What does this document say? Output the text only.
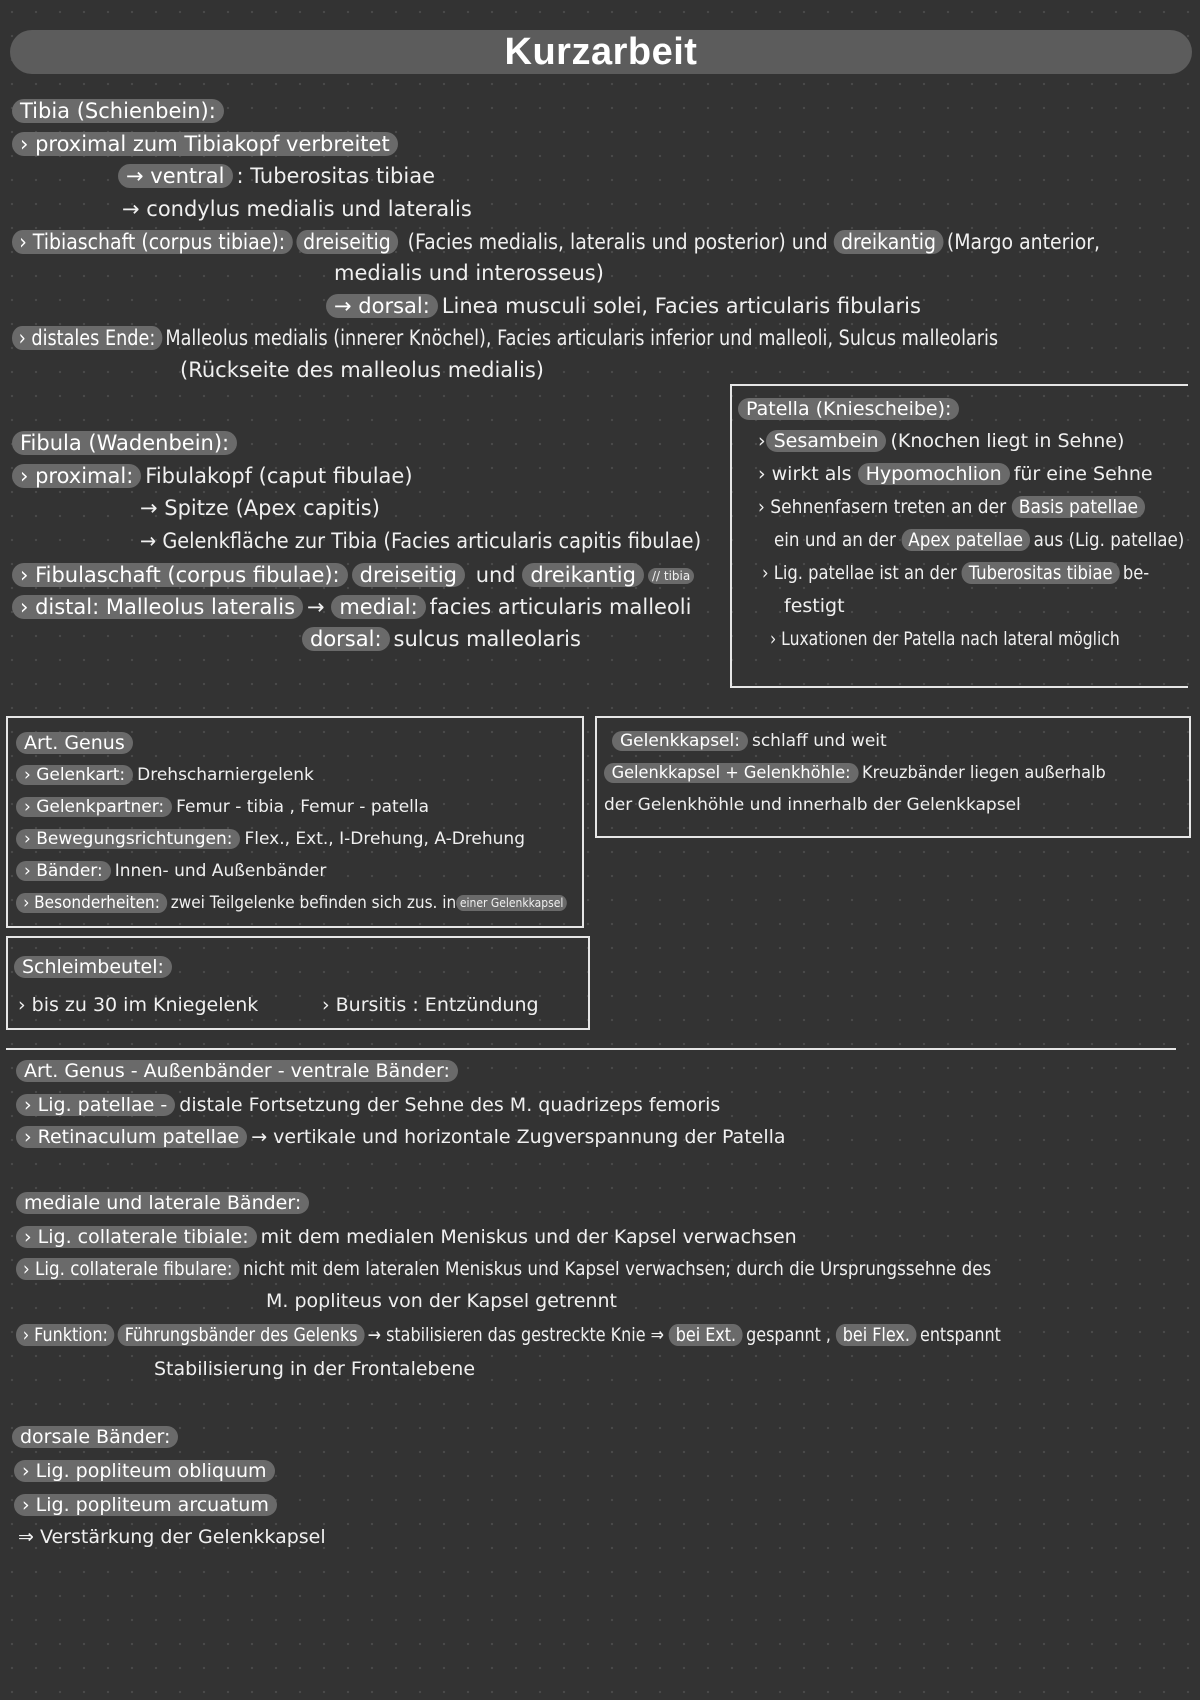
Kurzarbeit
Tibia (Schienbein):
› proximal zum Tibiakopf verbreitet
→ ventral : Tuberositas tibiae
→ condylus medialis und lateralis
› Tibiaschaft (corpus tibiae): dreiseitig (Facies medialis, lateralis und posterior) und dreikantig (Margo anterior,
medialis und interosseus)
→ dorsal: Linea musculi solei, Facies articularis fibularis
› distales Ende: Malleolus medialis (innerer Knöchel), Facies articularis inferior und malleoli, Sulcus malleolaris
(Rückseite des malleolus medialis)
Fibula (Wadenbein):
› proximal: Fibulakopf (caput fibulae)
→ Spitze (Apex capitis)
→ Gelenkfläche zur Tibia (Facies articularis capitis fibulae)
› Fibulaschaft (corpus fibulae): dreiseitig und dreikantig // tibia
› distal: Malleolus lateralis → medial: facies articularis malleoli
dorsal: sulcus malleolaris
Patella (Kniescheibe):
› Sesambein (Knochen liegt in Sehne)
› wirkt als Hypomochlion für eine Sehne
› Sehnenfasern treten an der Basis patellae
ein und an der Apex patellae aus (Lig. patellae)
› Lig. patellae ist an der Tuberositas tibiae be-
festigt
› Luxationen der Patella nach lateral möglich
Art. Genus
› Gelenkart: Drehscharniergelenk
› Gelenkpartner: Femur - tibia , Femur - patella
› Bewegungsrichtungen: Flex., Ext., I-Drehung, A-Drehung
› Bänder: Innen- und Außenbänder
› Besonderheiten: zwei Teilgelenke befinden sich zus. in einer Gelenkkapsel
Gelenkkapsel: schlaff und weit
Gelenkkapsel + Gelenkhöhle: Kreuzbänder liegen außerhalb
der Gelenkhöhle und innerhalb der Gelenkkapsel
Schleimbeutel:
› bis zu 30 im Kniegelenk	› Bursitis : Entzündung
Art. Genus - Außenbänder - ventrale Bänder:
› Lig. patellae - distale Fortsetzung der Sehne des M. quadrizeps femoris
› Retinaculum patellae → vertikale und horizontale Zugverspannung der Patella
mediale und laterale Bänder:
› Lig. collaterale tibiale: mit dem medialen Meniskus und der Kapsel verwachsen
› Lig. collaterale fibulare: nicht mit dem lateralen Meniskus und Kapsel verwachsen; durch die Ursprungssehne des
M. popliteus von der Kapsel getrennt
› Funktion: Führungsbänder des Gelenks → stabilisieren das gestreckte Knie ⇒ bei Ext. gespannt , bei Flex. entspannt
Stabilisierung in der Frontalebene
dorsale Bänder:
› Lig. popliteum obliquum
› Lig. popliteum arcuatum
⇒ Verstärkung der Gelenkkapsel
